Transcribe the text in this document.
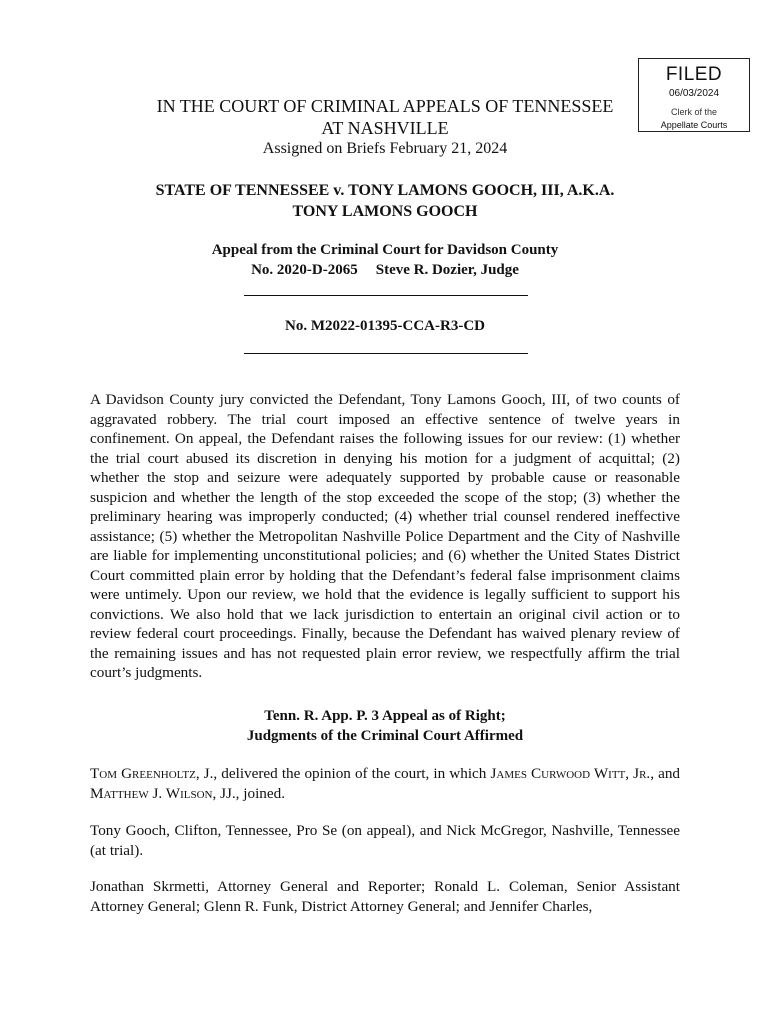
FILED
06/03/2024
Clerk of the
Appellate Courts
IN THE COURT OF CRIMINAL APPEALS OF TENNESSEE
AT NASHVILLE
Assigned on Briefs February 21, 2024
STATE OF TENNESSEE v. TONY LAMONS GOOCH, III, A.K.A.
TONY LAMONS GOOCH
Appeal from the Criminal Court for Davidson County
No. 2020-D-2065 Steve R. Dozier, Judge
No. M2022-01395-CCA-R3-CD
A Davidson County jury convicted the Defendant, Tony Lamons Gooch, III, of two counts of aggravated robbery. The trial court imposed an effective sentence of twelve years in confinement. On appeal, the Defendant raises the following issues for our review: (1) whether the trial court abused its discretion in denying his motion for a judgment of acquittal; (2) whether the stop and seizure were adequately supported by probable cause or reasonable suspicion and whether the length of the stop exceeded the scope of the stop; (3) whether the preliminary hearing was improperly conducted; (4) whether trial counsel rendered ineffective assistance; (5) whether the Metropolitan Nashville Police Department and the City of Nashville are liable for implementing unconstitutional policies; and (6) whether the United States District Court committed plain error by holding that the Defendant’s federal false imprisonment claims were untimely. Upon our review, we hold that the evidence is legally sufficient to support his convictions. We also hold that we lack jurisdiction to entertain an original civil action or to review federal court proceedings. Finally, because the Defendant has waived plenary review of the remaining issues and has not requested plain error review, we respectfully affirm the trial court’s judgments.
Tenn. R. App. P. 3 Appeal as of Right;
Judgments of the Criminal Court Affirmed
Tom Greenholtz, J., delivered the opinion of the court, in which James Curwood Witt, Jr., and Matthew J. Wilson, JJ., joined.
Tony Gooch, Clifton, Tennessee, Pro Se (on appeal), and Nick McGregor, Nashville, Tennessee (at trial).
Jonathan Skrmetti, Attorney General and Reporter; Ronald L. Coleman, Senior Assistant Attorney General; Glenn R. Funk, District Attorney General; and Jennifer Charles,
